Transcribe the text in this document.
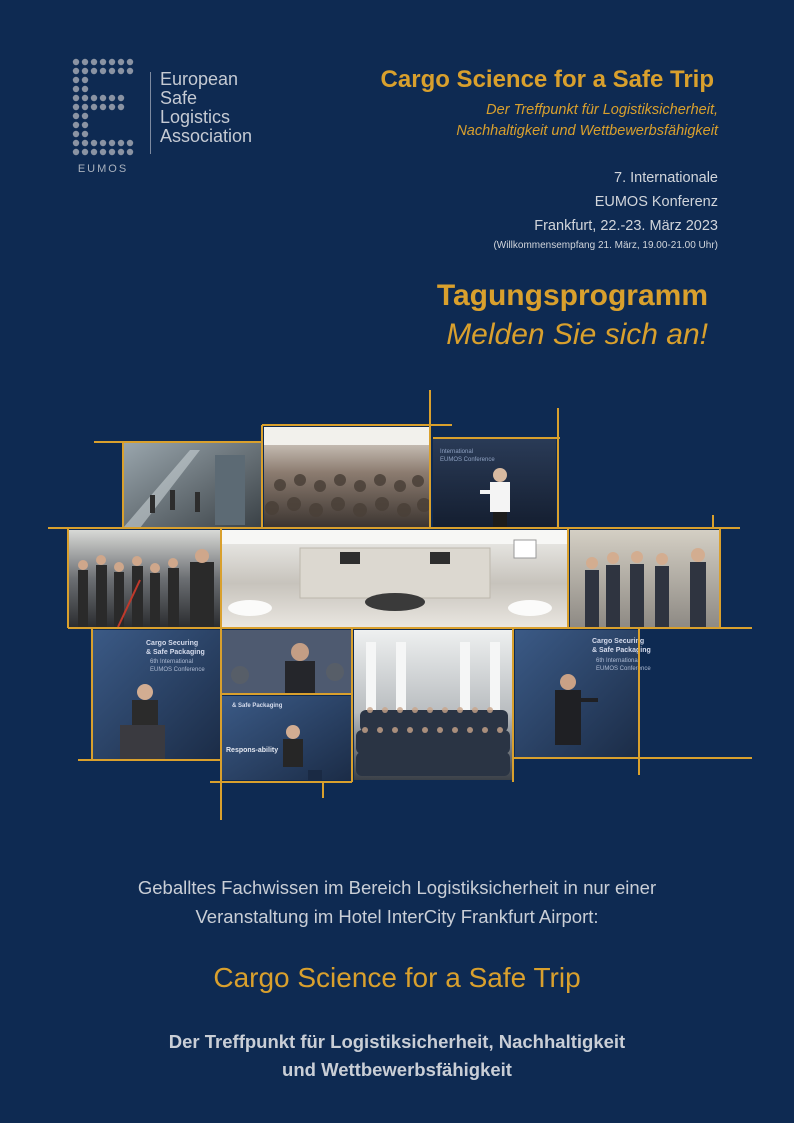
European
Safe
Logistics
Association
EUMOS
Cargo Science for a Safe Trip
Der Treffpunkt für Logistiksicherheit,
Nachhaltigkeit und Wettbewerbsfähigkeit
7. Internationale
EUMOS Konferenz
Frankfurt, 22.-23. März 2023
(Willkommensempfang 21. März, 19.00-21.00 Uhr)
Tagungsprogramm
Melden Sie sich an!
International
EUMOS Conference
Cargo Securing
& Safe Packaging
6th International
EUMOS Conference
& Safe Packaging
Respons-ability
Cargo Securing
& Safe Packaging
6th International
EUMOS Conference
Geballtes Fachwissen im Bereich Logistiksicherheit in nur einer
Veranstaltung im Hotel InterCity Frankfurt Airport:
Cargo Science for a Safe Trip
Der Treffpunkt für Logistiksicherheit, Nachhaltigkeit
und Wettbewerbsfähigkeit
